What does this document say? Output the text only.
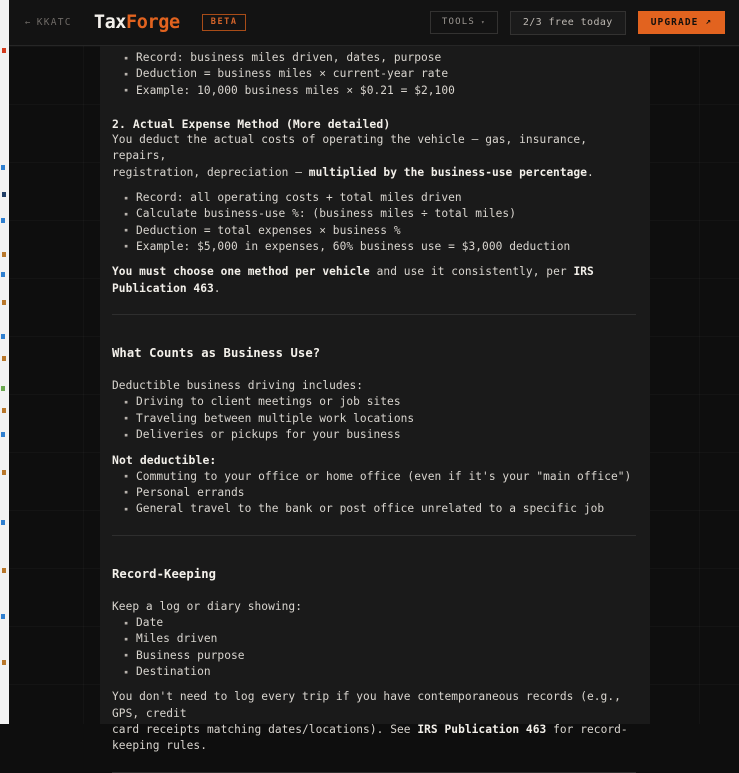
← KKATC TaxForge	BETA	TOOLS ▾	2/3 free today	UPGRADE ↗
▪ Record: business miles driven, dates, purpose
▪ Deduction = business miles × current-year rate
▪ Example: 10,000 business miles × $0.21 = $2,100

2. Actual Expense Method (More detailed)

You deduct the actual costs of operating the vehicle — gas, insurance, repairs,

registration, depreciation — multiplied by the business-use percentage.

▪ Record: all operating costs + total miles driven
▪ Calculate business-use %: (business miles ÷ total miles)
▪ Deduction = total expenses × business %
▪ Example: $5,000 in expenses, 60% business use = $3,000 deduction

You must choose one method per vehicle and use it consistently, per IRS Publication 463.

What Counts as Business Use?

Deductible business driving includes:

▪ Driving to client meetings or job sites
▪ Traveling between multiple work locations
▪ Deliveries or pickups for your business

Not deductible:

▪ Commuting to your office or home office (even if it's your "main office")
▪ Personal errands
▪ General travel to the bank or post office unrelated to a specific job

Record-Keeping

Keep a log or diary showing:

▪ Date
▪ Miles driven
▪ Business purpose
▪ Destination

You don't need to log every trip if you have contemporaneous records (e.g., GPS, credit

card receipts matching dates/locations). See IRS Publication 463 for record-keeping rules.
